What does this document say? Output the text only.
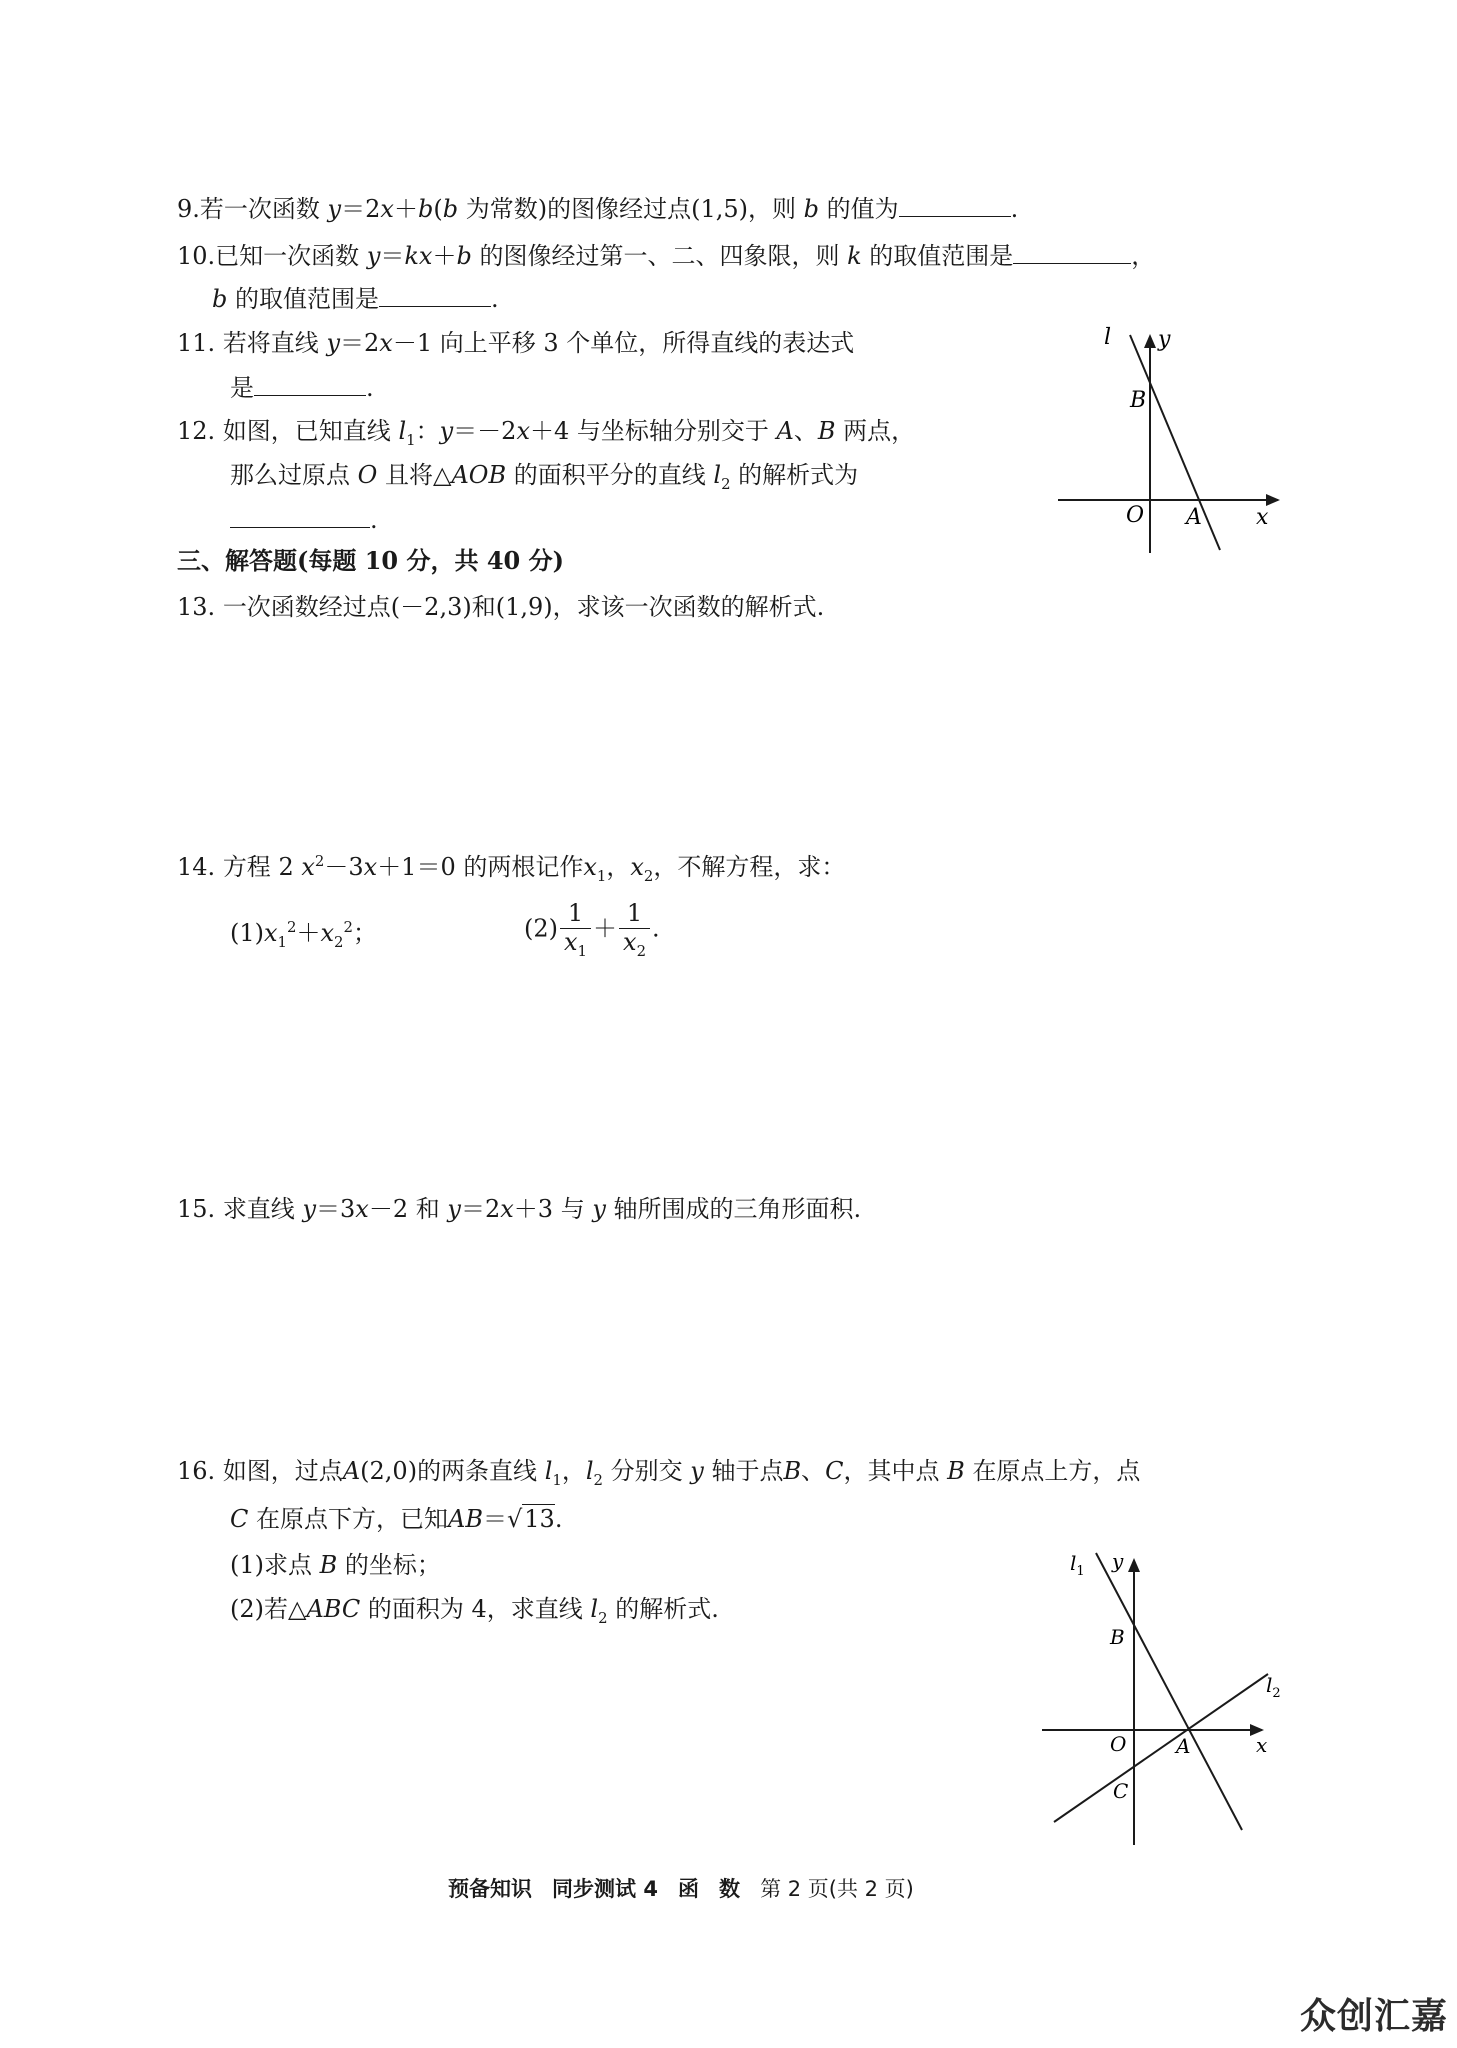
9.若一次函数 y＝2x＋b(b 为常数)的图像经过点(1,5)，则 b 的值为	.
10.已知一次函数 y＝kx＋b 的图像经过第一、二、四象限，则 k 的取值范围是	，
b 的取值范围是	.
11. 若将直线 y＝2x－1 向上平移 3 个单位，所得直线的表达式
是	.
12. 如图，已知直线 $l_1$：y＝－2x＋4 与坐标轴分别交于 A、B 两点，
那么过原点 O 且将△AOB 的面积平分的直线 $l_2$ 的解析式为
.
l y
B
O A x
三、解答题(每题 10 分，共 40 分)
13. 一次函数经过点(－2,3)和(1,9)，求该一次函数的解析式.
14. 方程 2 $x^2-3x+1=0$ 的两根记作$x_1$，$x_2$，不解方程，求：
$(1)x_1^2+x_2^2$；	$(2) \frac{1}{x_1} + \frac{1}{x_2}$ .
15. 求直线 y＝3x－2 和 y＝2x＋3 与 y 轴所围成的三角形面积.
16. 如图，过点A(2,0)的两条直线 $l_1$，$l_2$ 分别交 y 轴于点B、C，其中点 B 在原点上方，点
C 在原点下方，已知AB＝√13.
(1)求点 B 的坐标；
(2)若△ABC 的面积为 4，求直线 $l_2$ 的解析式.
$l_1$ y
B
$l_2$
O A	x
C
预备知识 同步测试 4 函 数 第 2 页(共 2 页)
众创汇嘉
